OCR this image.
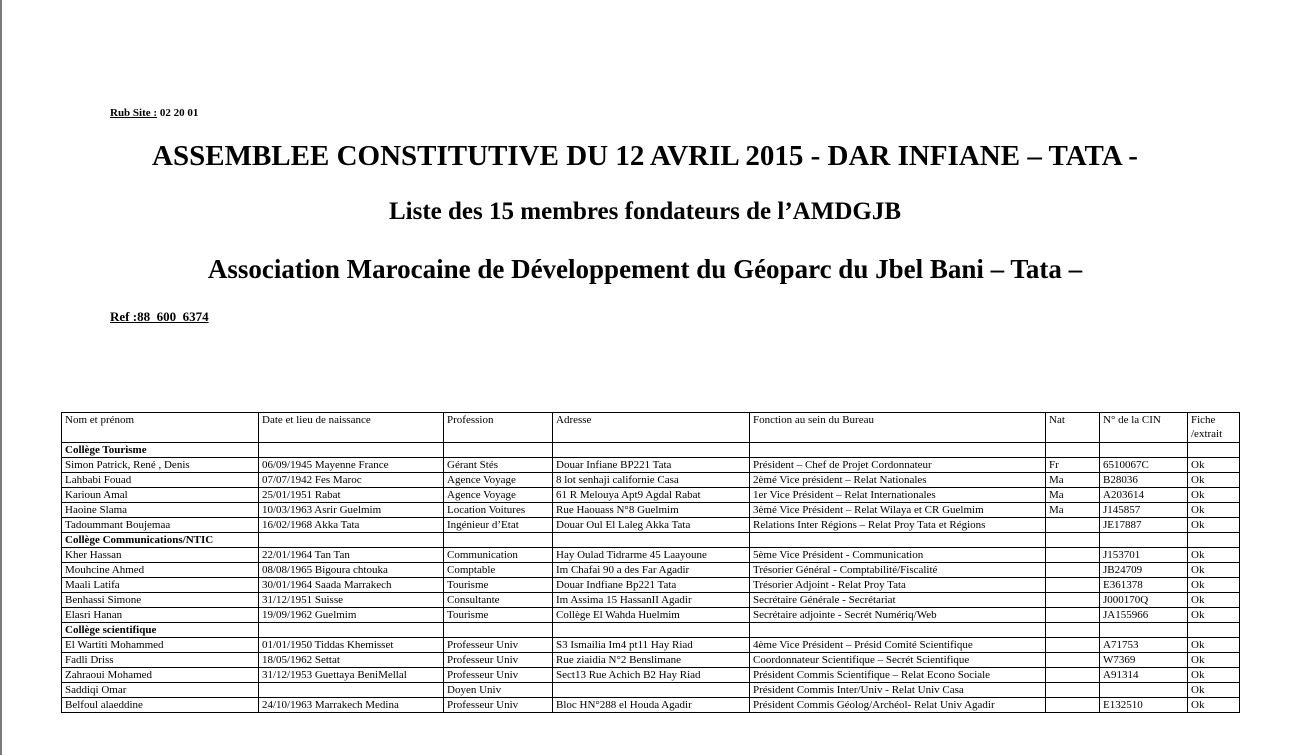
Rub Site : 02 20 01
ASSEMBLEE CONSTITUTIVE DU 12 AVRIL 2015 - DAR INFIANE – TATA -
Liste des 15 membres fondateurs de l’AMDGJB
Association Marocaine de Développement du Géoparc du Jbel Bani – Tata –
Ref :88_600_6374
Nom et prénom	Date et lieu de naissance	Profession	Adresse	Fonction au sein du Bureau	Nat	N° de la CIN	Fiche /extrait
Collège Tourisme							
Simon Patrick, René , Denis	06/09/1945 Mayenne France	Gérant Stés	Douar Infiane BP221 Tata	Président – Chef de Projet Cordonnateur	Fr	6510067C	Ok
Lahbabi Fouad	07/07/1942 Fes Maroc	Agence Voyage	8 lot senhaji californie Casa	2èmé Vice président – Relat Nationales	Ma	B28036	Ok
Karioun Amal	25/01/1951 Rabat	Agence Voyage	61 R Melouya Apt9 Agdal Rabat	1er Vice Président – Relat Internationales	Ma	A203614	Ok
Haoine Slama	10/03/1963 Asrir Guelmim	Location Voitures	Rue Haouass N°8 Guelmim	3èmé Vice Président – Relat Wilaya et CR Guelmim	Ma	J145857	Ok
Tadoummant Boujemaa	16/02/1968 Akka Tata	Ingénieur d’Etat	Douar Oul El Laleg Akka Tata	Relations Inter Régions – Relat Proy Tata et Régions		JE17887	Ok
Collège Communications/NTIC							
Kher Hassan	22/01/1964 Tan Tan	Communication	Hay Oulad Tidrarme 45 Laayoune	5ème Vice Président - Communication		J153701	Ok
Mouhcine Ahmed	08/08/1965 Bigoura chtouka	Comptable	Im Chafai 90 a des Far Agadir	Trésorier Général - Comptabilité/Fiscalité		JB24709	Ok
Maali Latifa	30/01/1964 Saada Marrakech	Tourisme	Douar Indfiane Bp221 Tata	Trésorier Adjoint - Relat Proy Tata		E361378	Ok
Benhassi Simone	31/12/1951 Suisse	Consultante	Im Assima 15 HassanII Agadir	Secrétaire Générale - Secrétariat		J000170Q	Ok
Elasri Hanan	19/09/1962 Guelmim	Tourisme	Collège El Wahda Huelmim	Secrétaire adjointe - Secrét Numériq/Web		JA155966	Ok
Collège scientifique							
El Wartiti Mohammed	01/01/1950 Tiddas Khemisset	Professeur Univ	S3 Ismailia Im4 pt11 Hay Riad	4ème Vice Président – Présid Comité Scientifique		A71753	Ok
Fadli Driss	18/05/1962 Settat	Professeur Univ	Rue ziaidia N°2 Benslimane	Coordonnateur Scientifique – Secrét Scientifique		W7369	Ok
Zahraoui Mohamed	31/12/1953 Guettaya BeniMellal	Professeur Univ	Sect13 Rue Achich B2 Hay Riad	Président Commis Scientifique – Relat Econo Sociale		A91314	Ok
Saddiqi Omar		Doyen Univ		Président Commis Inter/Univ - Relat Univ Casa			Ok
Belfoul alaeddine	24/10/1963 Marrakech Medina	Professeur Univ	Bloc HN°288 el Houda Agadir	Président Commis Géolog/Archéol- Relat Univ Agadir		E132510	Ok
